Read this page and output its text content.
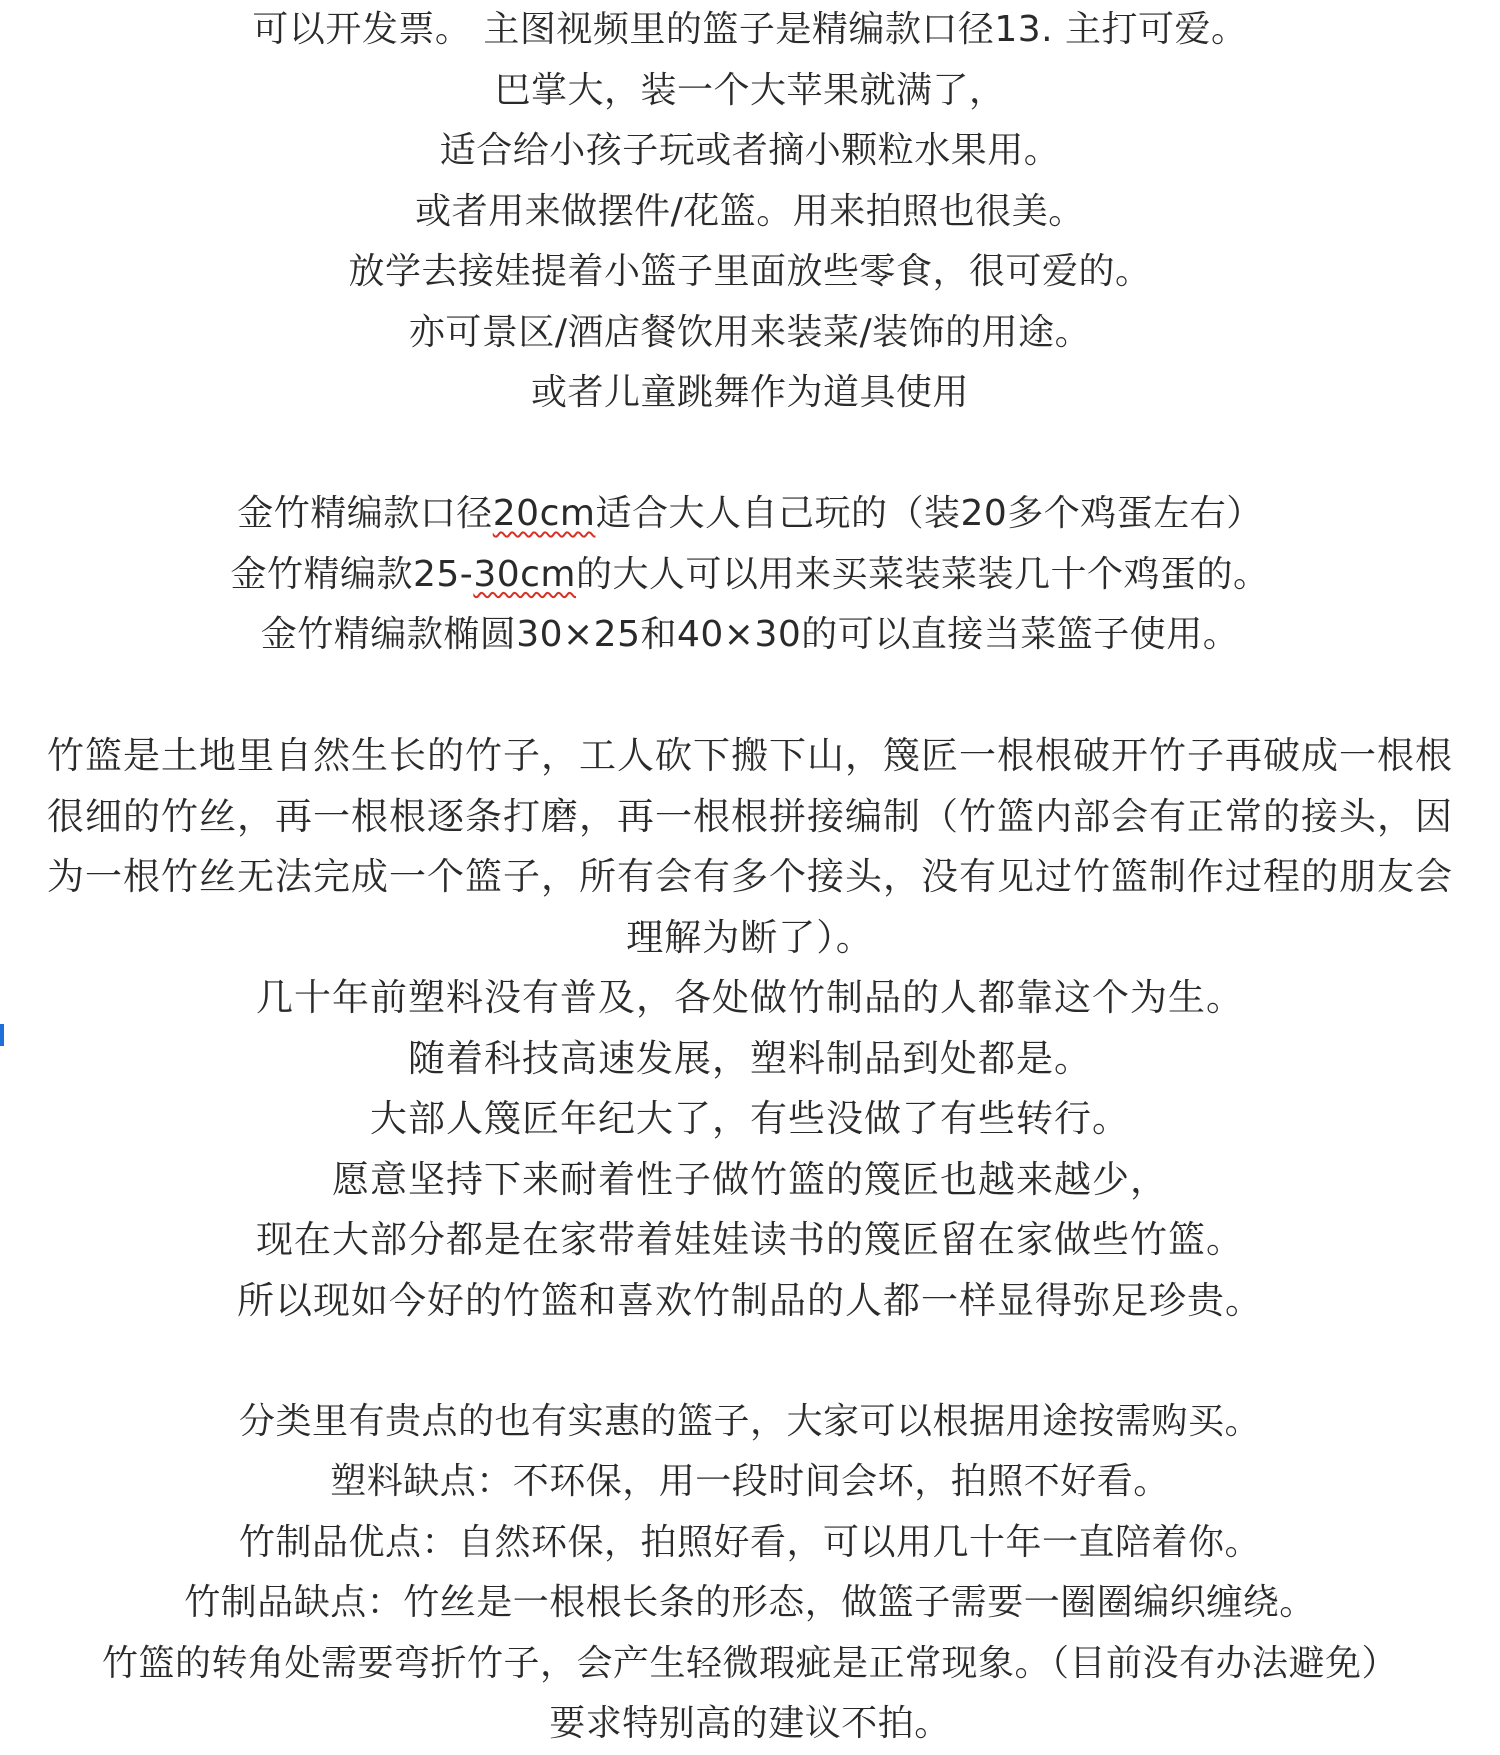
可以开发票。 主图视频里的篮子是精编款口径13. 主打可爱。
巴掌大，装一个大苹果就满了，
适合给小孩子玩或者摘小颗粒水果用。
或者用来做摆件/花篮。用来拍照也很美。
放学去接娃提着小篮子里面放些零食，很可爱的。
亦可景区/酒店餐饮用来装菜/装饰的用途。
或者儿童跳舞作为道具使用
金竹精编款口径20cm适合大人自己玩的（装20多个鸡蛋左右）
金竹精编款25-30cm的大人可以用来买菜装菜装几十个鸡蛋的。
金竹精编款椭圆30×25和40×30的可以直接当菜篮子使用。
竹篮是土地里自然生长的竹子，工人砍下搬下山，篾匠一根根破开竹子再破成一根根
很细的竹丝，再一根根逐条打磨，再一根根拼接编制（竹篮内部会有正常的接头，因
为一根竹丝无法完成一个篮子，所有会有多个接头，没有见过竹篮制作过程的朋友会
理解为断了）。
几十年前塑料没有普及，各处做竹制品的人都靠这个为生。
随着科技高速发展，塑料制品到处都是。
大部人篾匠年纪大了，有些没做了有些转行。
愿意坚持下来耐着性子做竹篮的篾匠也越来越少，
现在大部分都是在家带着娃娃读书的篾匠留在家做些竹篮。
所以现如今好的竹篮和喜欢竹制品的人都一样显得弥足珍贵。
分类里有贵点的也有实惠的篮子，大家可以根据用途按需购买。
塑料缺点：不环保，用一段时间会坏，拍照不好看。
竹制品优点：自然环保，拍照好看，可以用几十年一直陪着你。
竹制品缺点：竹丝是一根根长条的形态，做篮子需要一圈圈编织缠绕。
竹篮的转角处需要弯折竹子，会产生轻微瑕疵是正常现象。（目前没有办法避免）
要求特别高的建议不拍。
